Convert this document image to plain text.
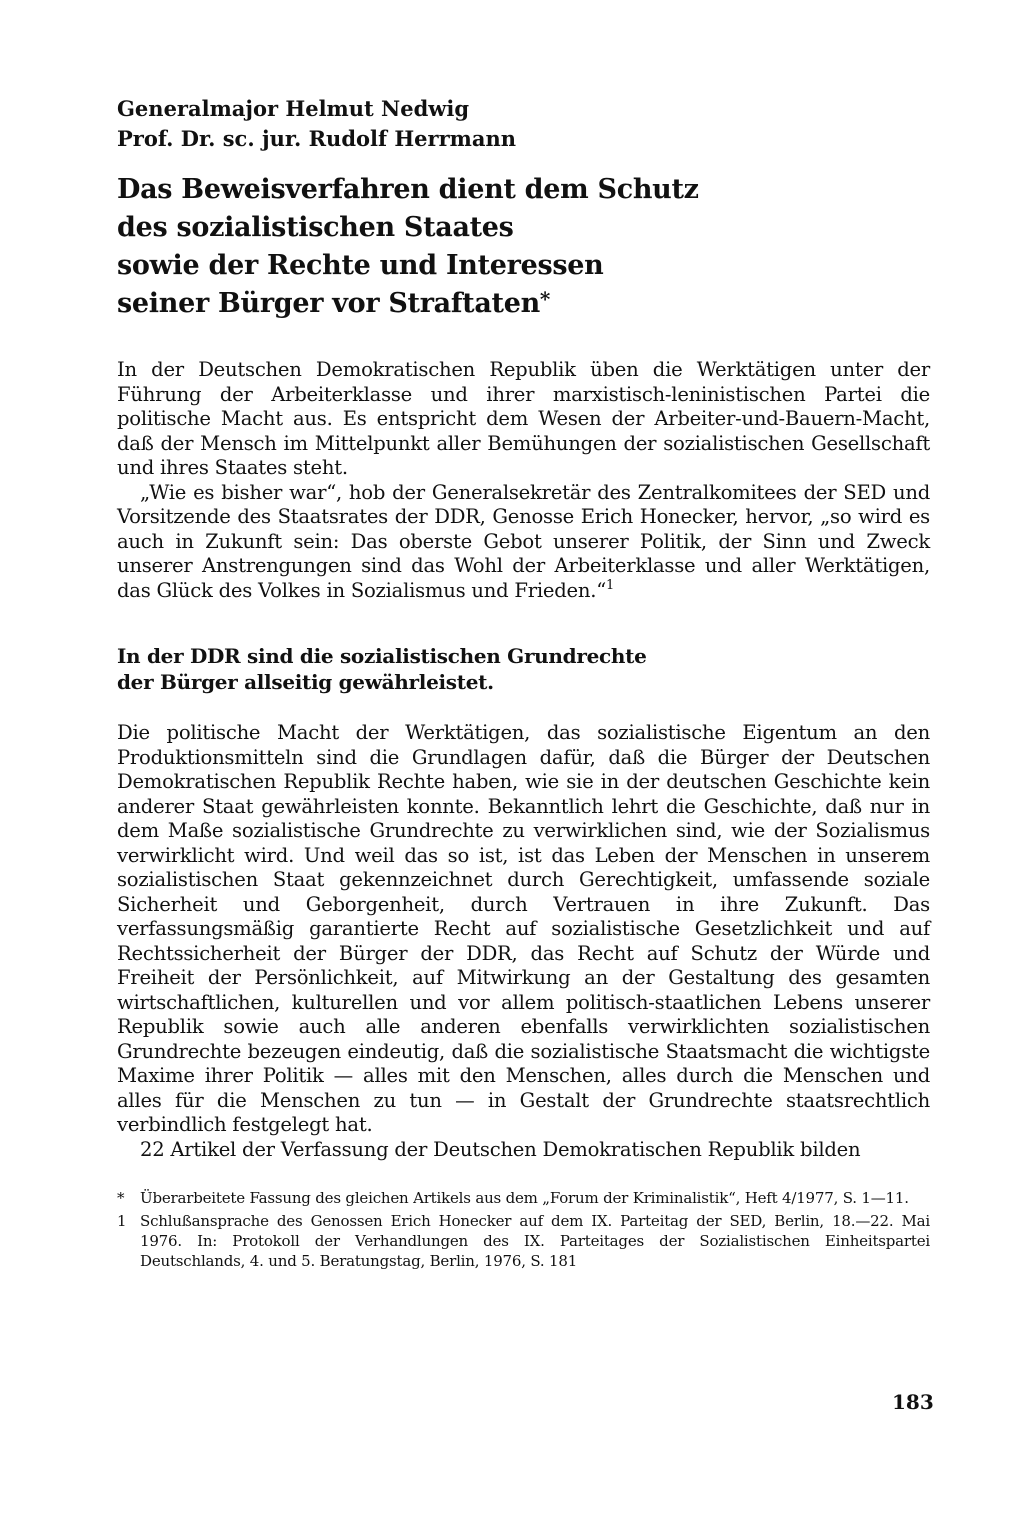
Generalmajor Helmut Nedwig
Prof. Dr. sc. jur. Rudolf Herrmann
Das Beweisverfahren dient dem Schutz
des sozialistischen Staates
sowie der Rechte und Interessen
seiner Bürger vor Straftaten*

In der Deutschen Demokratischen Republik üben die Werktätigen unter der Führung der Arbeiterklasse und ihrer marxistisch-leninistischen Partei die politische Macht aus. Es entspricht dem Wesen der Arbeiter-und-Bauern-Macht, daß der Mensch im Mittelpunkt aller Bemühungen der sozialistischen Gesellschaft und ihres Staates steht.

„Wie es bisher war“, hob der Generalsekretär des Zentralkomitees der SED und Vorsitzende des Staatsrates der DDR, Genosse Erich Honecker, hervor, „so wird es auch in Zukunft sein: Das oberste Gebot unserer Politik, der Sinn und Zweck unserer Anstrengungen sind das Wohl der Arbeiterklasse und aller Werktätigen, das Glück des Volkes in Sozialismus und Frieden.“$^1$

In der DDR sind die sozialistischen Grundrechte
der Bürger allseitig gewährleistet.

Die politische Macht der Werktätigen, das sozialistische Eigentum an den Produktionsmitteln sind die Grundlagen dafür, daß die Bürger der Deutschen Demokratischen Republik Rechte haben, wie sie in der deutschen Geschichte kein anderer Staat gewährleisten konnte. Bekanntlich lehrt die Geschichte, daß nur in dem Maße sozialistische Grundrechte zu verwirklichen sind, wie der Sozialismus verwirklicht wird. Und weil das so ist, ist das Leben der Menschen in unserem sozialistischen Staat gekennzeichnet durch Gerechtigkeit, umfassende soziale Sicherheit und Geborgenheit, durch Vertrauen in ihre Zukunft. Das verfassungsmäßig garantierte Recht auf sozialistische Gesetzlichkeit und auf Rechtssicherheit der Bürger der DDR, das Recht auf Schutz der Würde und Freiheit der Persönlichkeit, auf Mitwirkung an der Gestaltung des gesamten wirtschaftlichen, kulturellen und vor allem politisch-staatlichen Lebens unserer Republik sowie auch alle anderen ebenfalls verwirklichten sozialistischen Grundrechte bezeugen eindeutig, daß die sozialistische Staatsmacht die wichtigste Maxime ihrer Politik — alles mit den Menschen, alles durch die Menschen und alles für die Menschen zu tun — in Gestalt der Grundrechte staatsrechtlich verbindlich festgelegt hat.

22 Artikel der Verfassung der Deutschen Demokratischen Republik bilden

* Überarbeitete Fassung des gleichen Artikels aus dem „Forum der Kriminalistik“, Heft 4/1977, S. 1—11.
1 Schlußansprache des Genossen Erich Honecker auf dem IX. Parteitag der SED, Berlin, 18.—22. Mai 1976. In: Protokoll der Verhandlungen des IX. Parteitages der Sozialistischen Einheitspartei Deutschlands, 4. und 5. Beratungstag, Berlin, 1976, S. 181
183
